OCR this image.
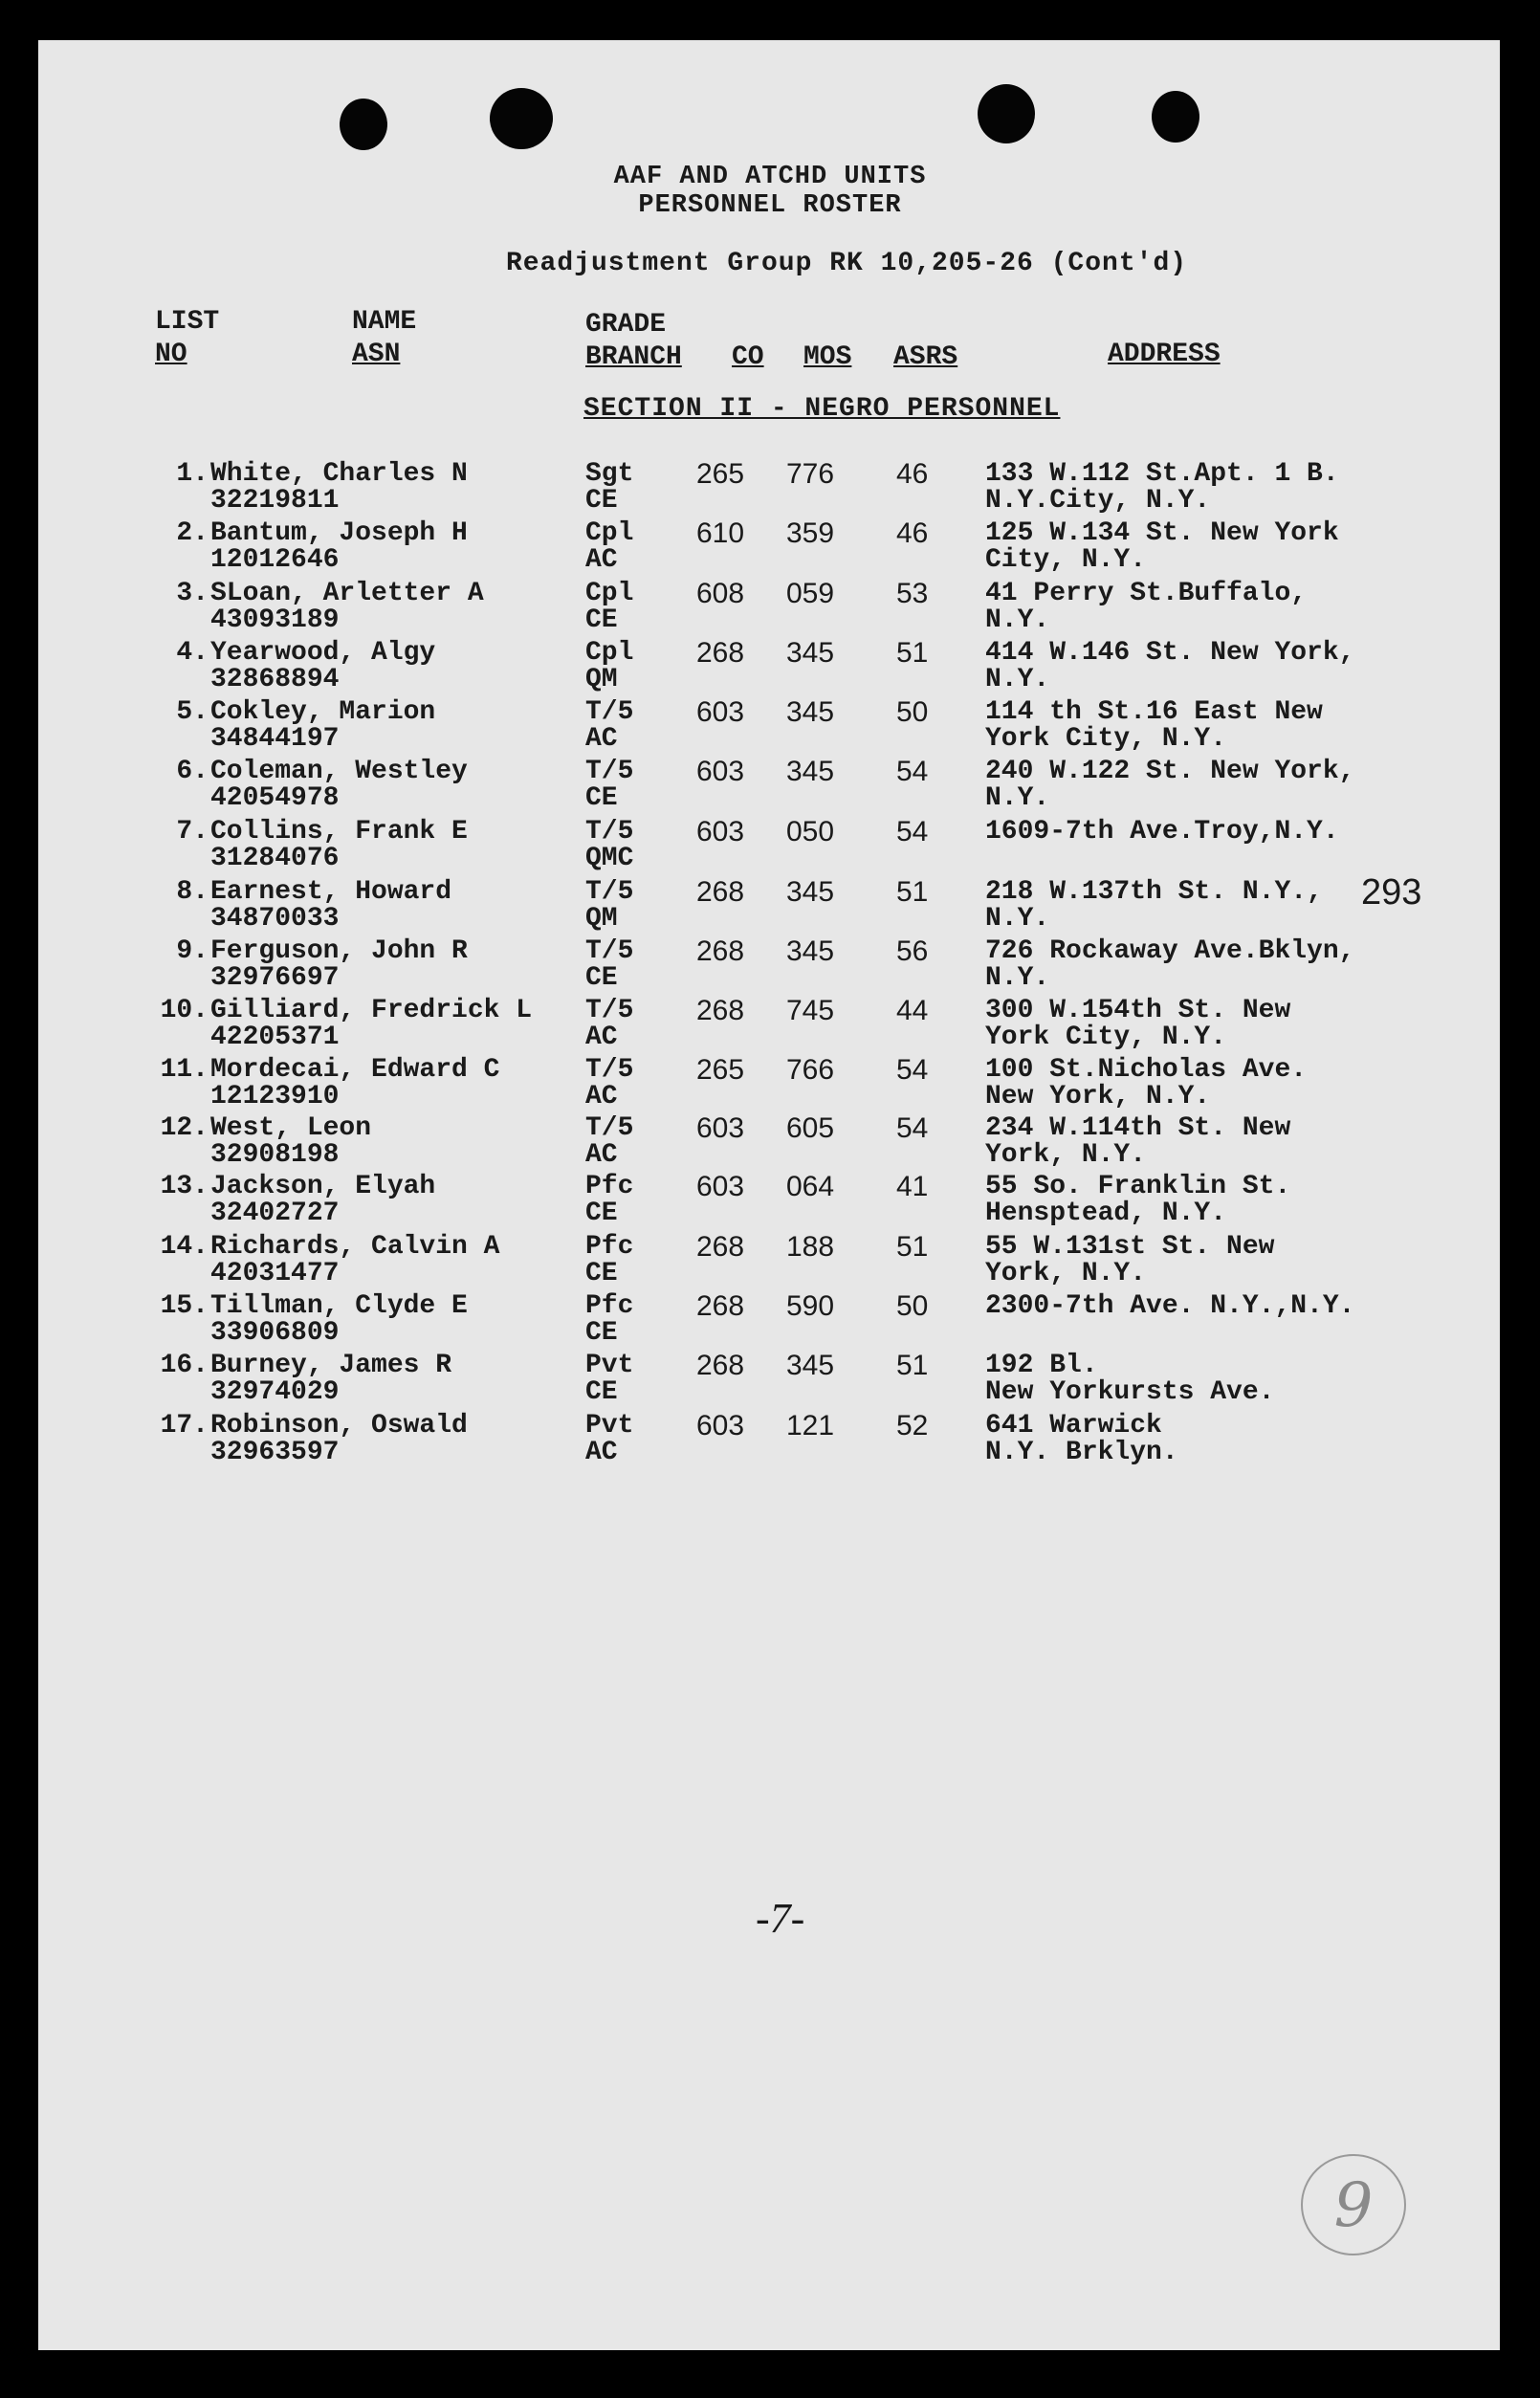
AAF AND ATCHD UNITS
PERSONNEL ROSTER
Readjustment Group RK 10,205-26 (Cont'd)
LIST
NO
NAME
ASN
GRADE
BRANCH CO MOS ASRS	ADDRESS
SECTION II - NEGRO PERSONNEL
1. White, Charles N
32219811
Sgt
CE
265 776 46 133 W.112 St.Apt. 1 B.
N.Y.City, N.Y.
2. Bantum, Joseph H
12012646
Cpl
AC
610 359 46 125 W.134 St. New York
City, N.Y.
3. SLoan, Arletter A
43093189
Cpl
CE
608 059 53 41 Perry St.Buffalo,
N.Y.
4. Yearwood, Algy
32868894
Cpl
QM
268 345 51 414 W.146 St. New York,
N.Y.
5. Cokley, Marion
34844197
T/5
AC
603 345 50 114 th St.16 East New
York City, N.Y.
6. Coleman, Westley
42054978
T/5
CE
603 345 54 240 W.122 St. New York,
N.Y.
7. Collins, Frank E
31284076
T/5
QMC
603 050 54 1609-7th Ave.Troy,N.Y.
8. Earnest, Howard
34870033
T/5
QM
268 345 51 218 W.137th St. N.Y.,
N.Y.
9. Ferguson, John R
32976697
T/5
CE
268 345 56 726 Rockaway Ave.Bklyn,
N.Y.
10. Gilliard, Fredrick L
42205371
T/5
AC
268 745 44 300 W.154th St. New
York City, N.Y.
11. Mordecai, Edward C
12123910
T/5
AC
265 766 54 100 St.Nicholas Ave.
New York, N.Y.
12. West, Leon
32908198
T/5
AC
603 605 54 234 W.114th St. New
York, N.Y.
13. Jackson, Elyah
32402727
Pfc
CE
603 064 41 55 So. Franklin St.
Hensptead, N.Y.
14. Richards, Calvin A
42031477
Pfc
CE
268 188 51 55 W.131st St. New
York, N.Y.
15. Tillman, Clyde E
33906809
Pfc
CE
268 590 50 2300-7th Ave. N.Y.,N.Y.
16. Burney, James R
32974029
Pvt
CE
268 345 51 192 Bl.
New Yorkursts Ave.
17. Robinson, Oswald
32963597
Pvt
AC
603 121 52 641 Warwick
N.Y. Brklyn.
293
-7-
9
